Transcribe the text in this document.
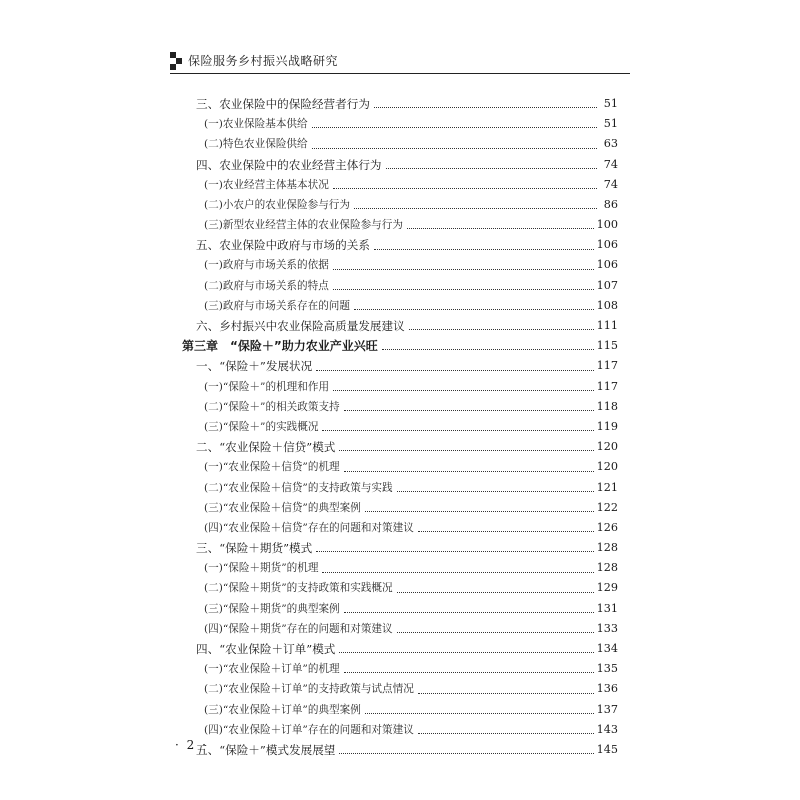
保险服务乡村振兴战略研究
三、农业保险中的保险经营者行为	51
(一)农业保险基本供给	51
(二)特色农业保险供给	63
四、农业保险中的农业经营主体行为	74
(一)农业经营主体基本状况	74
(二)小农户的农业保险参与行为	86
(三)新型农业经营主体的农业保险参与行为	100
五、农业保险中政府与市场的关系	106
(一)政府与市场关系的依据	106
(二)政府与市场关系的特点	107
(三)政府与市场关系存在的问题	108
六、乡村振兴中农业保险高质量发展建议	111
第三章　“保险＋”助力农业产业兴旺	115
一、“保险＋”发展状况	117
(一)“保险＋”的机理和作用	117
(二)“保险＋”的相关政策支持	118
(三)“保险＋”的实践概况	119
二、“农业保险＋信贷”模式	120
(一)“农业保险＋信贷”的机理	120
(二)“农业保险＋信贷”的支持政策与实践	121
(三)“农业保险＋信贷”的典型案例	122
(四)“农业保险＋信贷”存在的问题和对策建议	126
三、“保险＋期货”模式	128
(一)“保险＋期货”的机理	128
(二)“保险＋期货”的支持政策和实践概况	129
(三)“保险＋期货”的典型案例	131
(四)“保险＋期货”存在的问题和对策建议	133
四、“农业保险＋订单”模式	134
(一)“农业保险＋订单”的机理	135
(二)“农业保险＋订单”的支持政策与试点情况	136
(三)“农业保险＋订单”的典型案例	137
(四)“农业保险＋订单”存在的问题和对策建议	143
五、“保险＋”模式发展展望	145
· 2 ·
